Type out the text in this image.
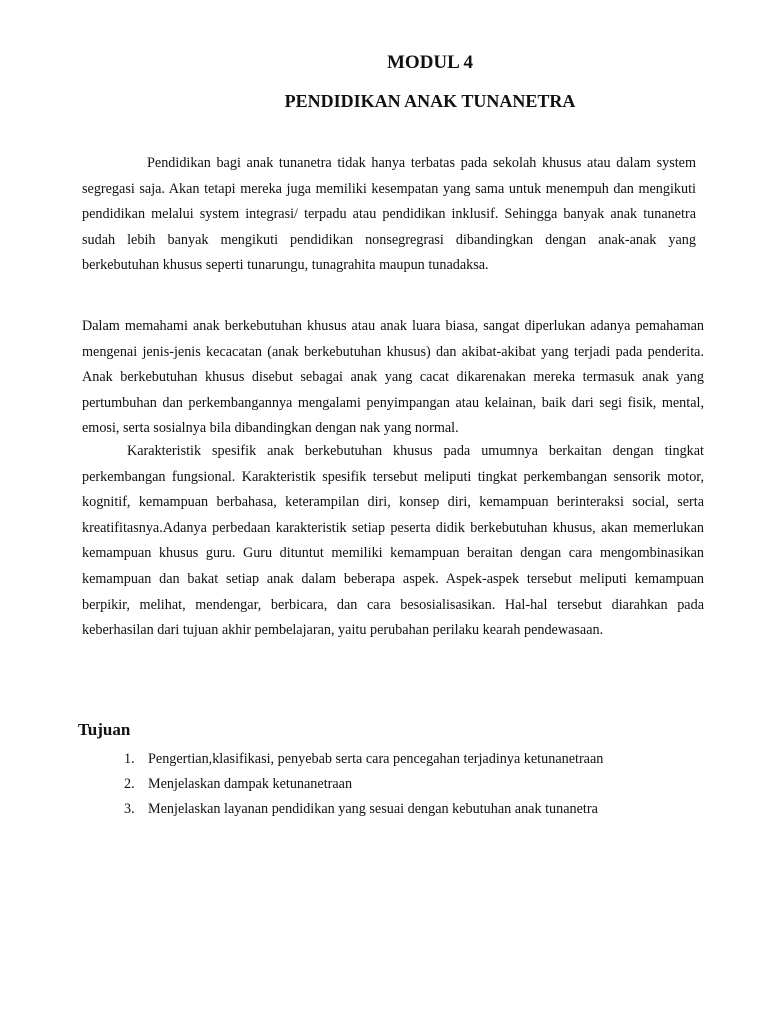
MODUL 4
PENDIDIKAN ANAK TUNANETRA

Pendidikan bagi anak tunanetra tidak hanya terbatas pada sekolah khusus atau dalam system segregasi saja. Akan tetapi mereka juga memiliki kesempatan yang sama untuk menempuh dan mengikuti pendidikan melalui system integrasi/ terpadu atau pendidikan inklusif. Sehingga banyak anak tunanetra sudah lebih banyak mengikuti pendidikan nonsegregrasi dibandingkan dengan anak-anak yang berkebutuhan khusus seperti tunarungu, tunagrahita maupun tunadaksa.

Dalam memahami anak berkebutuhan khusus atau anak luara biasa, sangat diperlukan adanya pemahaman mengenai jenis-jenis kecacatan (anak berkebutuhan khusus) dan akibat-akibat yang terjadi pada penderita. Anak berkebutuhan khusus disebut sebagai anak yang cacat dikarenakan mereka termasuk anak yang pertumbuhan dan perkembangannya mengalami penyimpangan atau kelainan, baik dari segi fisik, mental, emosi, serta sosialnya bila dibandingkan dengan nak yang normal.

Karakteristik spesifik anak berkebutuhan khusus pada umumnya berkaitan dengan tingkat perkembangan fungsional. Karakteristik spesifik tersebut meliputi tingkat perkembangan sensorik motor, kognitif, kemampuan berbahasa, keterampilan diri, konsep diri, kemampuan berinteraksi social, serta kreatifitasnya.Adanya perbedaan karakteristik setiap peserta didik berkebutuhan khusus, akan memerlukan kemampuan khusus guru. Guru dituntut memiliki kemampuan beraitan dengan cara mengombinasikan kemampuan dan bakat setiap anak dalam beberapa aspek. Aspek-aspek tersebut meliputi kemampuan berpikir, melihat, mendengar, berbicara, dan cara besosialisasikan. Hal-hal tersebut diarahkan pada keberhasilan dari tujuan akhir pembelajaran, yaitu perubahan perilaku kearah pendewasaan.

Tujuan
1. Pengertian,klasifikasi, penyebab serta cara pencegahan terjadinya ketunanetraan
2. Menjelaskan dampak ketunanetraan
3. Menjelaskan layanan pendidikan yang sesuai dengan kebutuhan anak tunanetra
